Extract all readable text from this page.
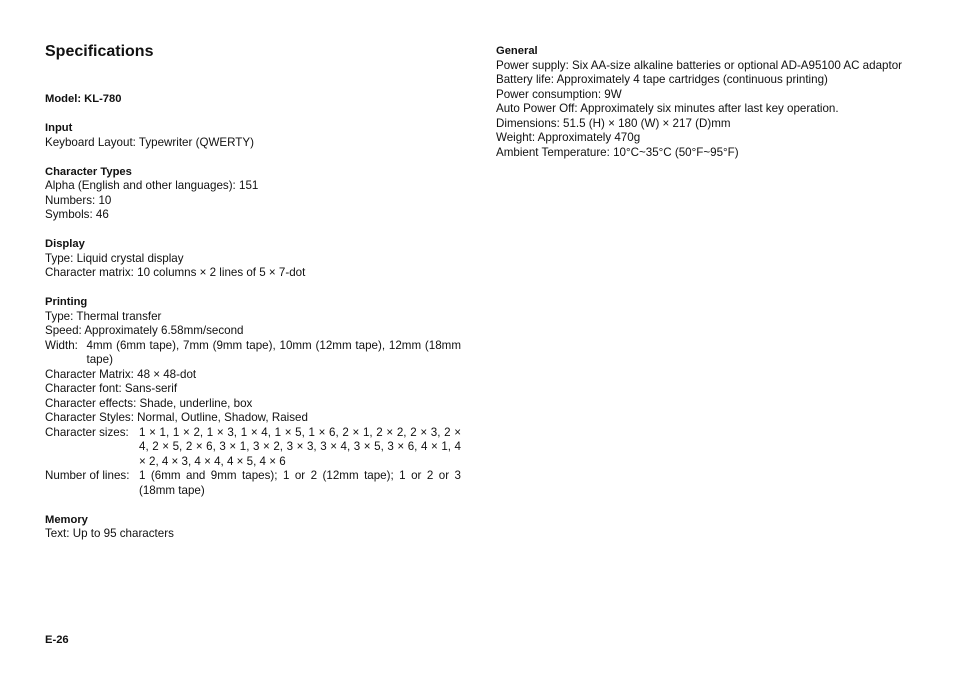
Specifications
Model: KL-780
Input
Keyboard Layout: Typewriter (QWERTY)
Character Types
Alpha (English and other languages): 151
Numbers: 10
Symbols: 46
Display
Type: Liquid crystal display
Character matrix: 10 columns × 2 lines of 5 × 7-dot
Printing
Type: Thermal transfer
Speed: Approximately 6.58mm/second
Width: 4mm (6mm tape), 7mm (9mm tape), 10mm (12mm tape), 12mm (18mm tape)
Character Matrix: 48 × 48-dot
Character font: Sans-serif
Character effects: Shade, underline, box
Character Styles: Normal, Outline, Shadow, Raised
Character sizes: 1 × 1, 1 × 2, 1 × 3, 1 × 4, 1 × 5, 1 × 6, 2 × 1, 2 × 2, 2 × 3, 2 × 4, 2 × 5, 2 × 6, 3 × 1, 3 × 2, 3 × 3, 3 × 4, 3 × 5, 3 × 6, 4 × 1, 4 × 2, 4 × 3, 4 × 4, 4 × 5, 4 × 6
Number of lines: 1 (6mm and 9mm tapes); 1 or 2 (12mm tape); 1 or 2 or 3 (18mm tape)
Memory
Text: Up to 95 characters
General
Power supply: Six AA-size alkaline batteries or optional AD-A95100 AC adaptor
Battery life: Approximately 4 tape cartridges (continuous printing)
Power consumption: 9W
Auto Power Off: Approximately six minutes after last key operation.
Dimensions: 51.5 (H) × 180 (W) × 217 (D)mm
Weight: Approximately 470g
Ambient Temperature: 10°C~35°C (50°F~95°F)
E-26
